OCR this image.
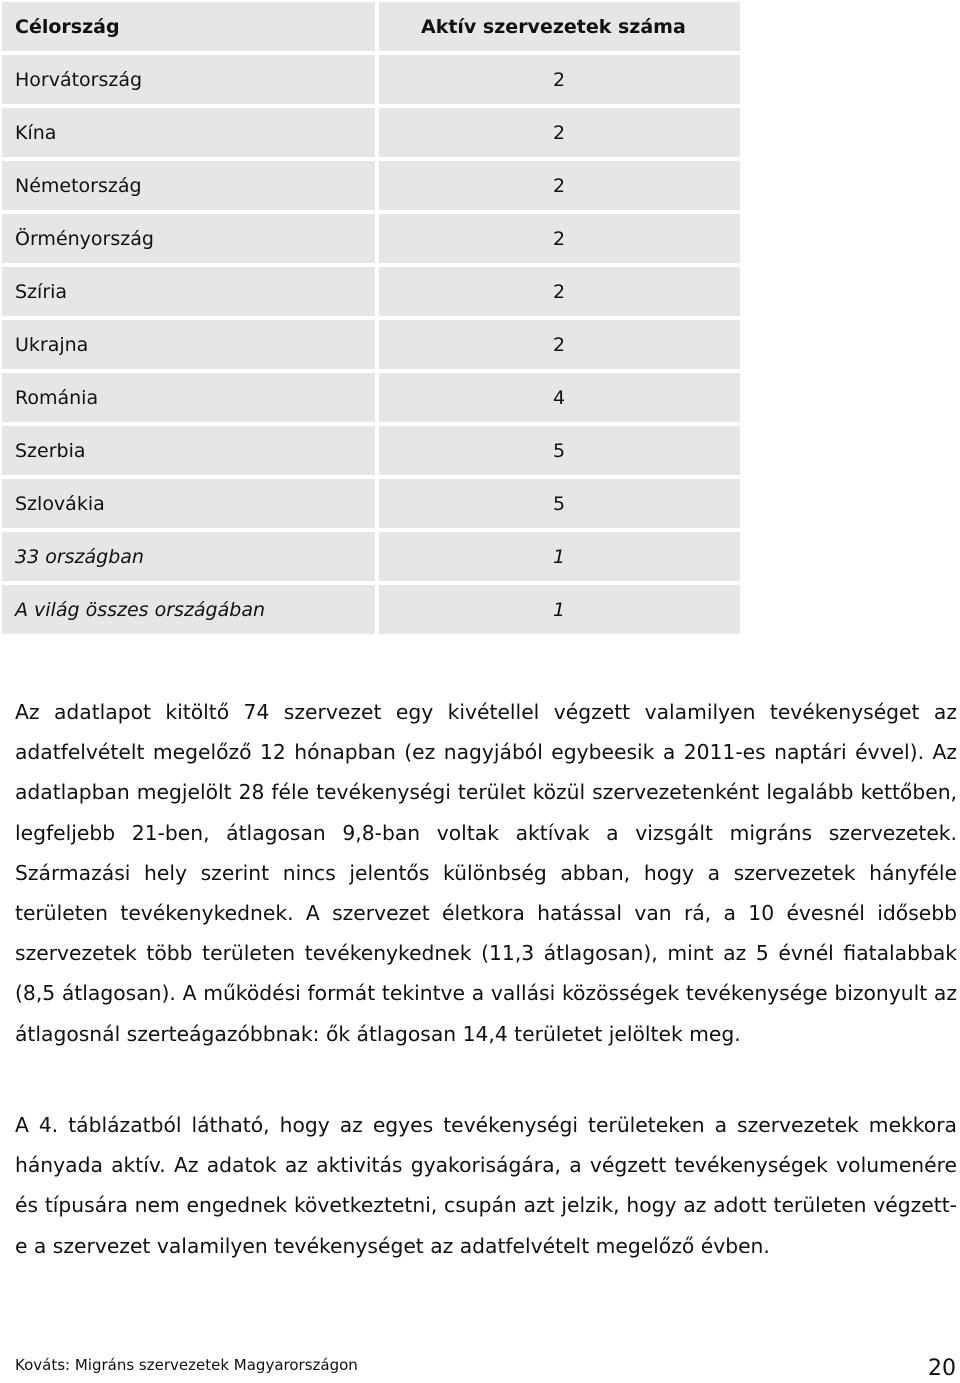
Célország	Aktív szervezetek száma
Horvátország	2
Kína	2
Németország	2
Örményország	2
Szíria	2
Ukrajna	2
Románia	4
Szerbia	5
Szlovákia	5
33 országban	1
A világ összes országában	1

Az adatlapot kitöltő 74 szervezet egy kivétellel végzett valamilyen tevékenységet az adatfelvételt megelőző 12 hónapban (ez nagyjából egybeesik a 2011-es naptári évvel). Az adatlapban megjelölt 28 féle tevékenységi terület közül szervezetenként legalább kettőben, legfeljebb 21-ben, átlagosan 9,8-ban voltak aktívak a vizsgált migráns szervezetek. Származási hely szerint nincs jelentős különbség abban, hogy a szervezetek hányféle területen tevékenykednek. A szervezet életkora hatással van rá, a 10 évesnél idősebb szervezetek több területen tevékenykednek (11,3 átlagosan), mint az 5 évnél fiatalabbak (8,5 átlagosan). A működési formát tekintve a vallási közösségek tevékenysége bizonyult az átlagosnál szerteágazóbbnak: ők átlagosan 14,4 területet jelöltek meg.

A 4. táblázatból látható, hogy az egyes tevékenységi területeken a szervezetek mekkora hányada aktív. Az adatok az aktivitás gyakoriságára, a végzett tevékenységek volumenére és típusára nem engednek következtetni, csupán azt jelzik, hogy az adott területen végzett-e a szervezet valamilyen tevékenységet az adatfelvételt megelőző évben.

Kováts: Migráns szervezetek Magyarországon	20
